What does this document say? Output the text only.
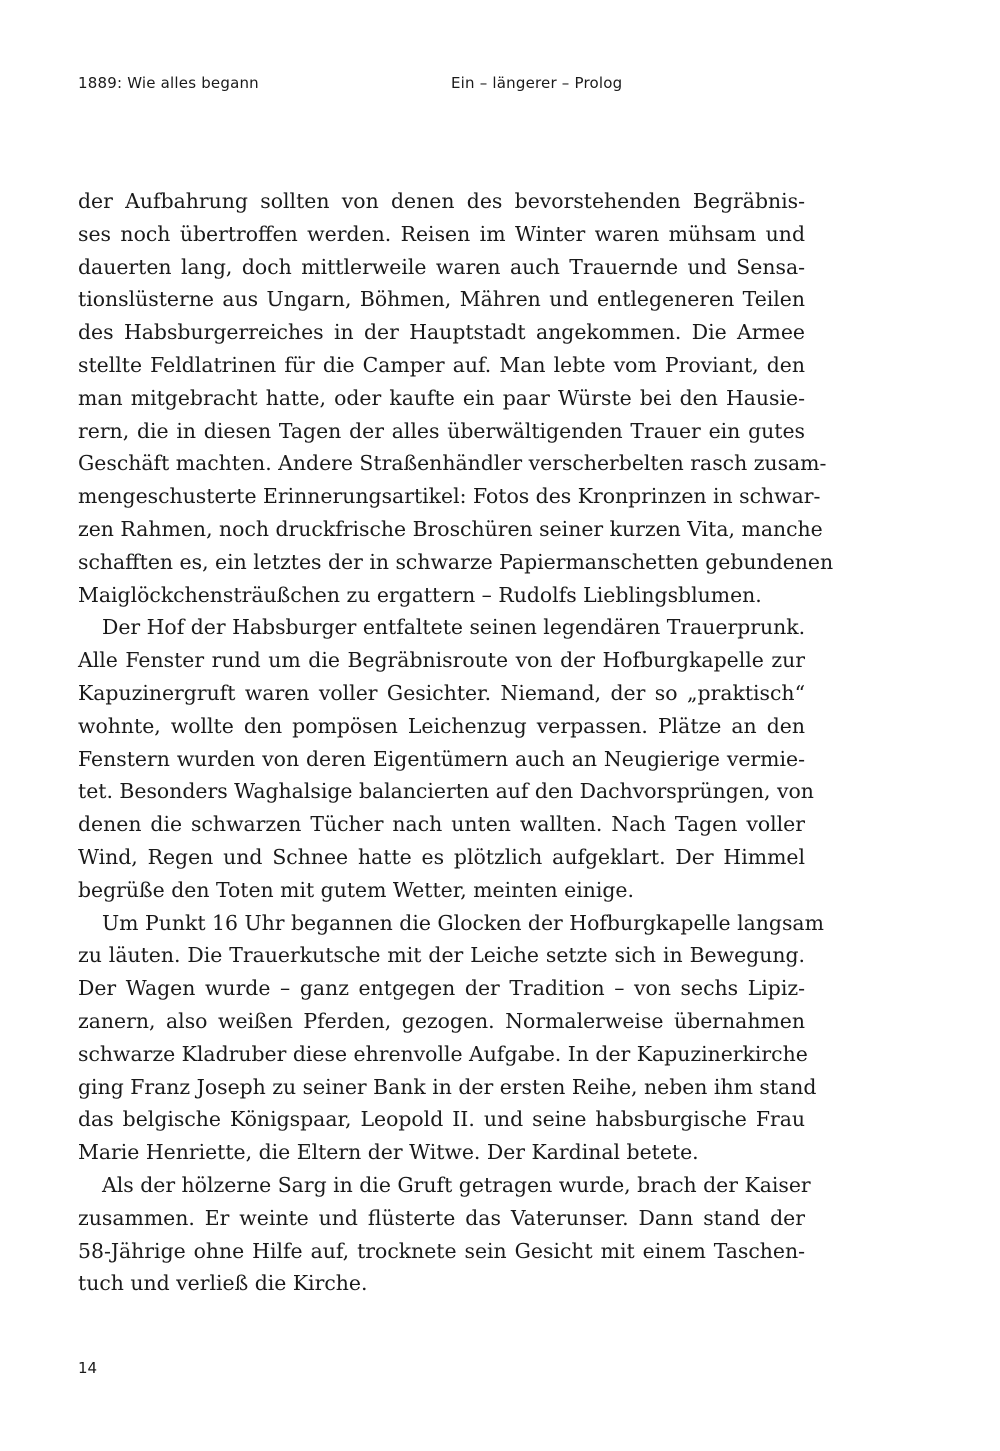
1889: Wie alles begann	Ein – längerer – Prolog
der Aufbahrung sollten von denen des bevorstehenden Begräbnis-
ses noch übertroffen werden. Reisen im Winter waren mühsam und
dauerten lang, doch mittlerweile waren auch Trauernde und Sensa-
tionslüsterne aus Ungarn, Böhmen, Mähren und entlegeneren Teilen
des Habsburgerreiches in der Hauptstadt angekommen. Die Armee
stellte Feldlatrinen für die Camper auf. Man lebte vom Proviant, den
man mitgebracht hatte, oder kaufte ein paar Würste bei den Hausie-
rern, die in diesen Tagen der alles überwältigenden Trauer ein gutes
Geschäft machten. Andere Straßenhändler verscherbelten rasch zusam-
mengeschusterte Erinnerungsartikel: Fotos des Kronprinzen in schwar-
zen Rahmen, noch druckfrische Broschüren seiner kurzen Vita, manche
schafften es, ein letztes der in schwarze Papiermanschetten gebundenen
Maiglöckchensträußchen zu ergattern – Rudolfs Lieblingsblumen.
Der Hof der Habsburger entfaltete seinen legendären Trauerprunk.
Alle Fenster rund um die Begräbnisroute von der Hofburgkapelle zur
Kapuzinergruft waren voller Gesichter. Niemand, der so „praktisch“
wohnte, wollte den pompösen Leichenzug verpassen. Plätze an den
Fenstern wurden von deren Eigentümern auch an Neugierige vermie-
tet. Besonders Waghalsige balancierten auf den Dachvorsprüngen, von
denen die schwarzen Tücher nach unten wallten. Nach Tagen voller
Wind, Regen und Schnee hatte es plötzlich aufgeklart. Der Himmel
begrüße den Toten mit gutem Wetter, meinten einige.
Um Punkt 16 Uhr begannen die Glocken der Hofburgkapelle langsam
zu läuten. Die Trauerkutsche mit der Leiche setzte sich in Bewegung.
Der Wagen wurde – ganz entgegen der Tradition – von sechs Lipiz-
zanern, also weißen Pferden, gezogen. Normalerweise übernahmen
schwarze Kladruber diese ehrenvolle Aufgabe. In der Kapuzinerkirche
ging Franz Joseph zu seiner Bank in der ersten Reihe, neben ihm stand
das belgische Königspaar, Leopold II. und seine habsburgische Frau
Marie Henriette, die Eltern der Witwe. Der Kardinal betete.
Als der hölzerne Sarg in die Gruft getragen wurde, brach der Kaiser
zusammen. Er weinte und flüsterte das Vaterunser. Dann stand der
58-Jährige ohne Hilfe auf, trocknete sein Gesicht mit einem Taschen-
tuch und verließ die Kirche.
14
